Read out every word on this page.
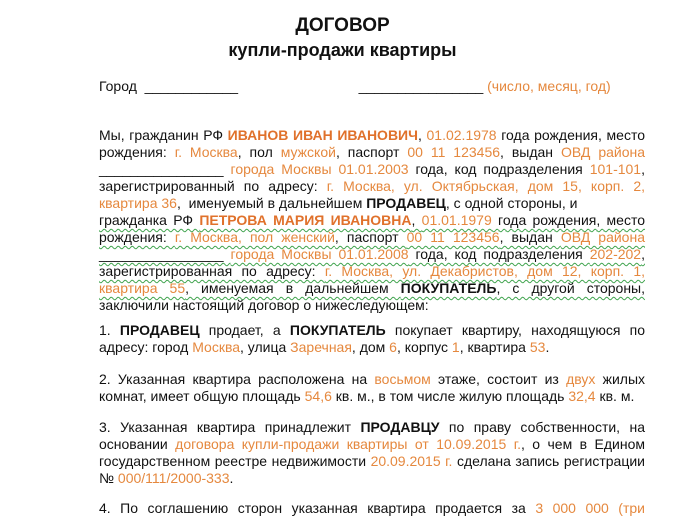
ДОГОВОР
купли-продажи квартиры
Город  ____________	________________ (число, месяц, год)
Мы, гражданин РФ ИВАНОВ ИВАН ИВАНОВИЧ, 01.02.1978 года рождения, место
рождения: г. Москва, пол мужской, паспорт 00 11 123456, выдан ОВД района
________________ города Москвы 01.01.2003 года, код подразделения 101-101,
зарегистрированный по адресу: г. Москва, ул. Октябрьская, дом 15, корп. 2,
квартира 36,  именуемый в дальнейшем ПРОДАВЕЦ, с одной стороны, и
гражданка РФ ПЕТРОВА МАРИЯ ИВАНОВНА, 01.01.1979 года рождения, место
рождения: г. Москва, пол женский, паспорт 00 11 123456, выдан ОВД района
________________ города Москвы 01.01.2008 года, код подразделения 202-202,
зарегистрированная по адресу: г. Москва, ул. Декабристов, дом 12, корп. 1,
квартира 55, именуемая в дальнейшем ПОКУПАТЕЛЬ, с другой стороны,
заключили настоящий договор о нижеследующем:
1. ПРОДАВЕЦ продает, а ПОКУПАТЕЛЬ покупает квартиру, находящуюся по
адресу: город Москва, улица Заречная, дом 6, корпус 1, квартира 53.
2. Указанная квартира расположена на восьмом этаже, состоит из двух жилых
комнат, имеет общую площадь 54,6 кв. м., в том числе жилую площадь 32,4 кв. м.
3. Указанная квартира принадлежит ПРОДАВЦУ по праву собственности, на
основании договора купли-продажи квартиры от 10.09.2015 г., о чем в Едином
государственном реестре недвижимости 20.09.2015 г. сделана запись регистрации
№ 000/111/2000-333.
4. По соглашению сторон указанная квартира продается за 3 000 000 (три
